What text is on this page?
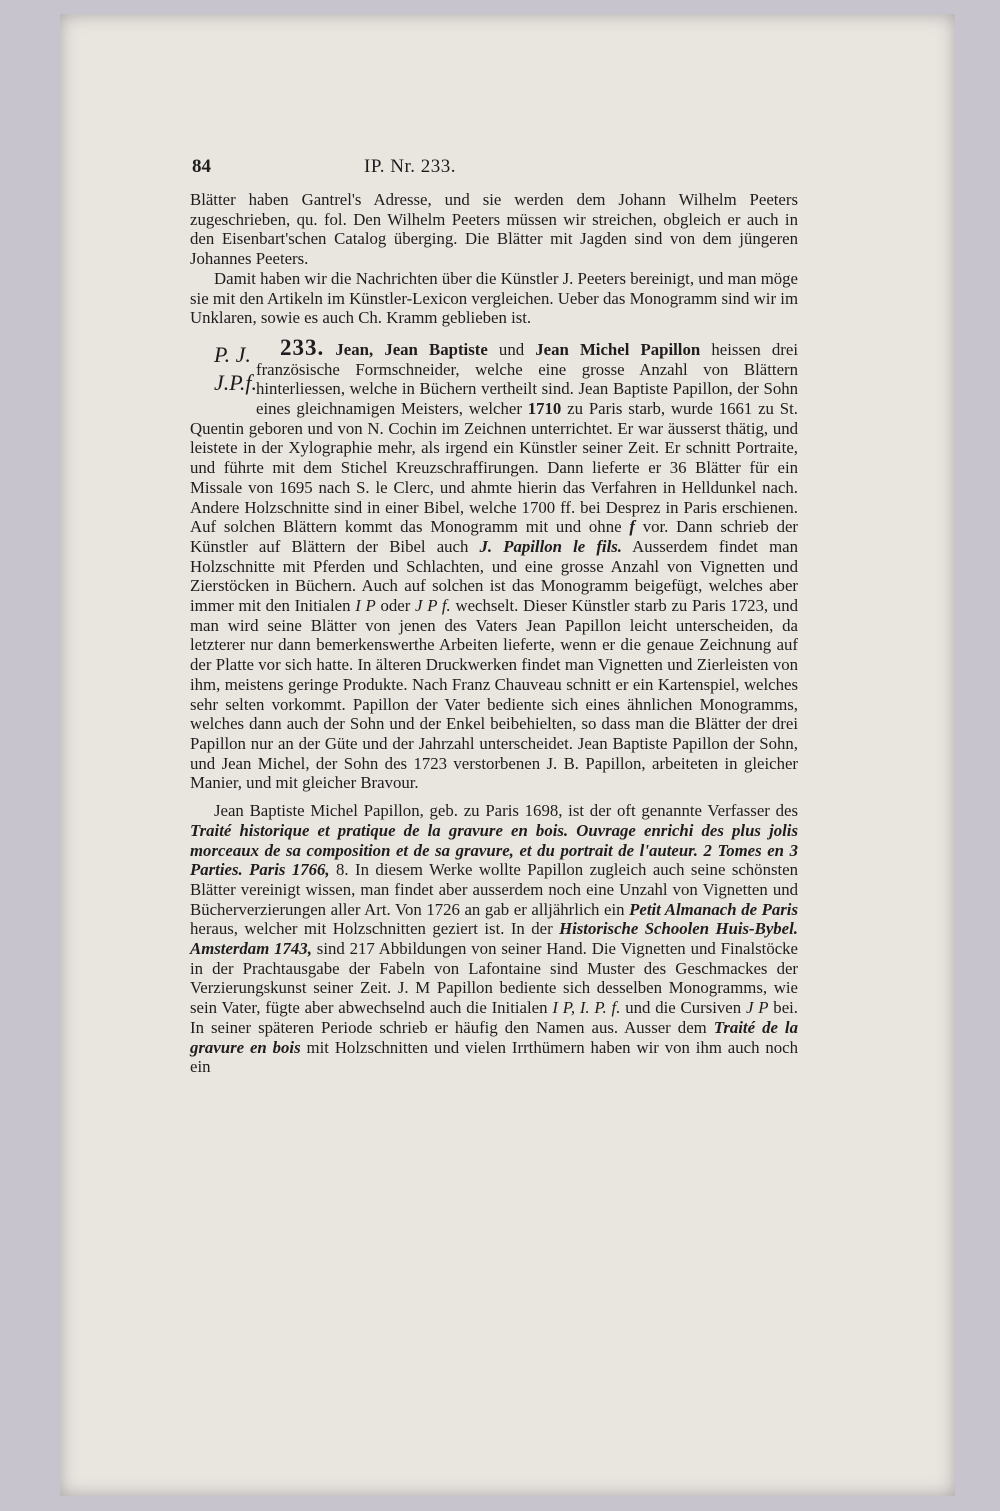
84	IP. Nr. 233.

Blätter haben Gantrel's Adresse, und sie werden dem Johann Wilhelm Peeters zugeschrieben, qu. fol. Den Wilhelm Peeters müssen wir streichen, obgleich er auch in den Eisenbart'schen Catalog überging. Die Blätter mit Jagden sind von dem jüngeren Johannes Peeters.

Damit haben wir die Nachrichten über die Künstler J. Peeters bereinigt, und man möge sie mit den Artikeln im Künstler-Lexicon vergleichen. Ueber das Monogramm sind wir im Unklaren, sowie es auch Ch. Kramm geblieben ist.

233. Jean, Jean Baptiste und Jean Michel Papillon
P. J.
J.P.f.
heissen drei französische Formschneider, welche eine grosse Anzahl von Blättern hinterliessen, welche in Büchern vertheilt sind. Jean Baptiste Papillon, der Sohn eines gleichnamigen Meisters, welcher 1710 zu Paris starb, wurde 1661 zu St. Quentin geboren und von N. Cochin im Zeichnen unterrichtet. Er war äusserst thätig, und leistete in der Xylographie mehr, als irgend ein Künstler seiner Zeit. Er schnitt Portraite, und führte mit dem Stichel Kreuzschraffirungen. Dann lieferte er 36 Blätter für ein Missale von 1695 nach S. le Clerc, und ahmte hierin das Verfahren in Helldunkel nach. Andere Holzschnitte sind in einer Bibel, welche 1700 ff. bei Desprez in Paris erschienen. Auf solchen Blättern kommt das Monogramm mit und ohne f vor. Dann schrieb der Künstler auf Blättern der Bibel auch J. Papillon le fils. Ausserdem findet man Holzschnitte mit Pferden und Schlachten, und eine grosse Anzahl von Vignetten und Zierstöcken in Büchern. Auch auf solchen ist das Monogramm beigefügt, welches aber immer mit den Initialen I P oder J P f. wechselt. Dieser Künstler starb zu Paris 1723, und man wird seine Blätter von jenen des Vaters Jean Papillon leicht unterscheiden, da letzterer nur dann bemerkenswerthe Arbeiten lieferte, wenn er die genaue Zeichnung auf der Platte vor sich hatte. In älteren Druckwerken findet man Vignetten und Zierleisten von ihm, meistens geringe Produkte. Nach Franz Chauveau schnitt er ein Kartenspiel, welches sehr selten vorkommt. Papillon der Vater bediente sich eines ähnlichen Monogramms, welches dann auch der Sohn und der Enkel beibehielten, so dass man die Blätter der drei Papillon nur an der Güte und der Jahrzahl unterscheidet. Jean Baptiste Papillon der Sohn, und Jean Michel, der Sohn des 1723 verstorbenen J. B. Papillon, arbeiteten in gleicher Manier, und mit gleicher Bravour.

Jean Baptiste Michel Papillon, geb. zu Paris 1698, ist der oft genannte Verfasser des Traité historique et pratique de la gravure en bois. Ouvrage enrichi des plus jolis morceaux de sa composition et de sa gravure, et du portrait de l'auteur. 2 Tomes en 3 Parties. Paris 1766, 8. In diesem Werke wollte Papillon zugleich auch seine schönsten Blätter vereinigt wissen, man findet aber ausserdem noch eine Unzahl von Vignetten und Bücherverzierungen aller Art. Von 1726 an gab er alljährlich ein Petit Almanach de Paris heraus, welcher mit Holzschnitten geziert ist. In der Historische Schoolen Huis-Bybel. Amsterdam 1743, sind 217 Abbildungen von seiner Hand. Die Vignetten und Finalstöcke in der Prachtausgabe der Fabeln von Lafontaine sind Muster des Geschmackes der Verzierungskunst seiner Zeit. J. M Papillon bediente sich desselben Monogramms, wie sein Vater, fügte aber abwechselnd auch die Initialen I P, I. P. f. und die Cursiven J P bei. In seiner späteren Periode schrieb er häufig den Namen aus. Ausser dem Traité de la gravure en bois mit Holzschnitten und vielen Irrthümern haben wir von ihm auch noch ein
